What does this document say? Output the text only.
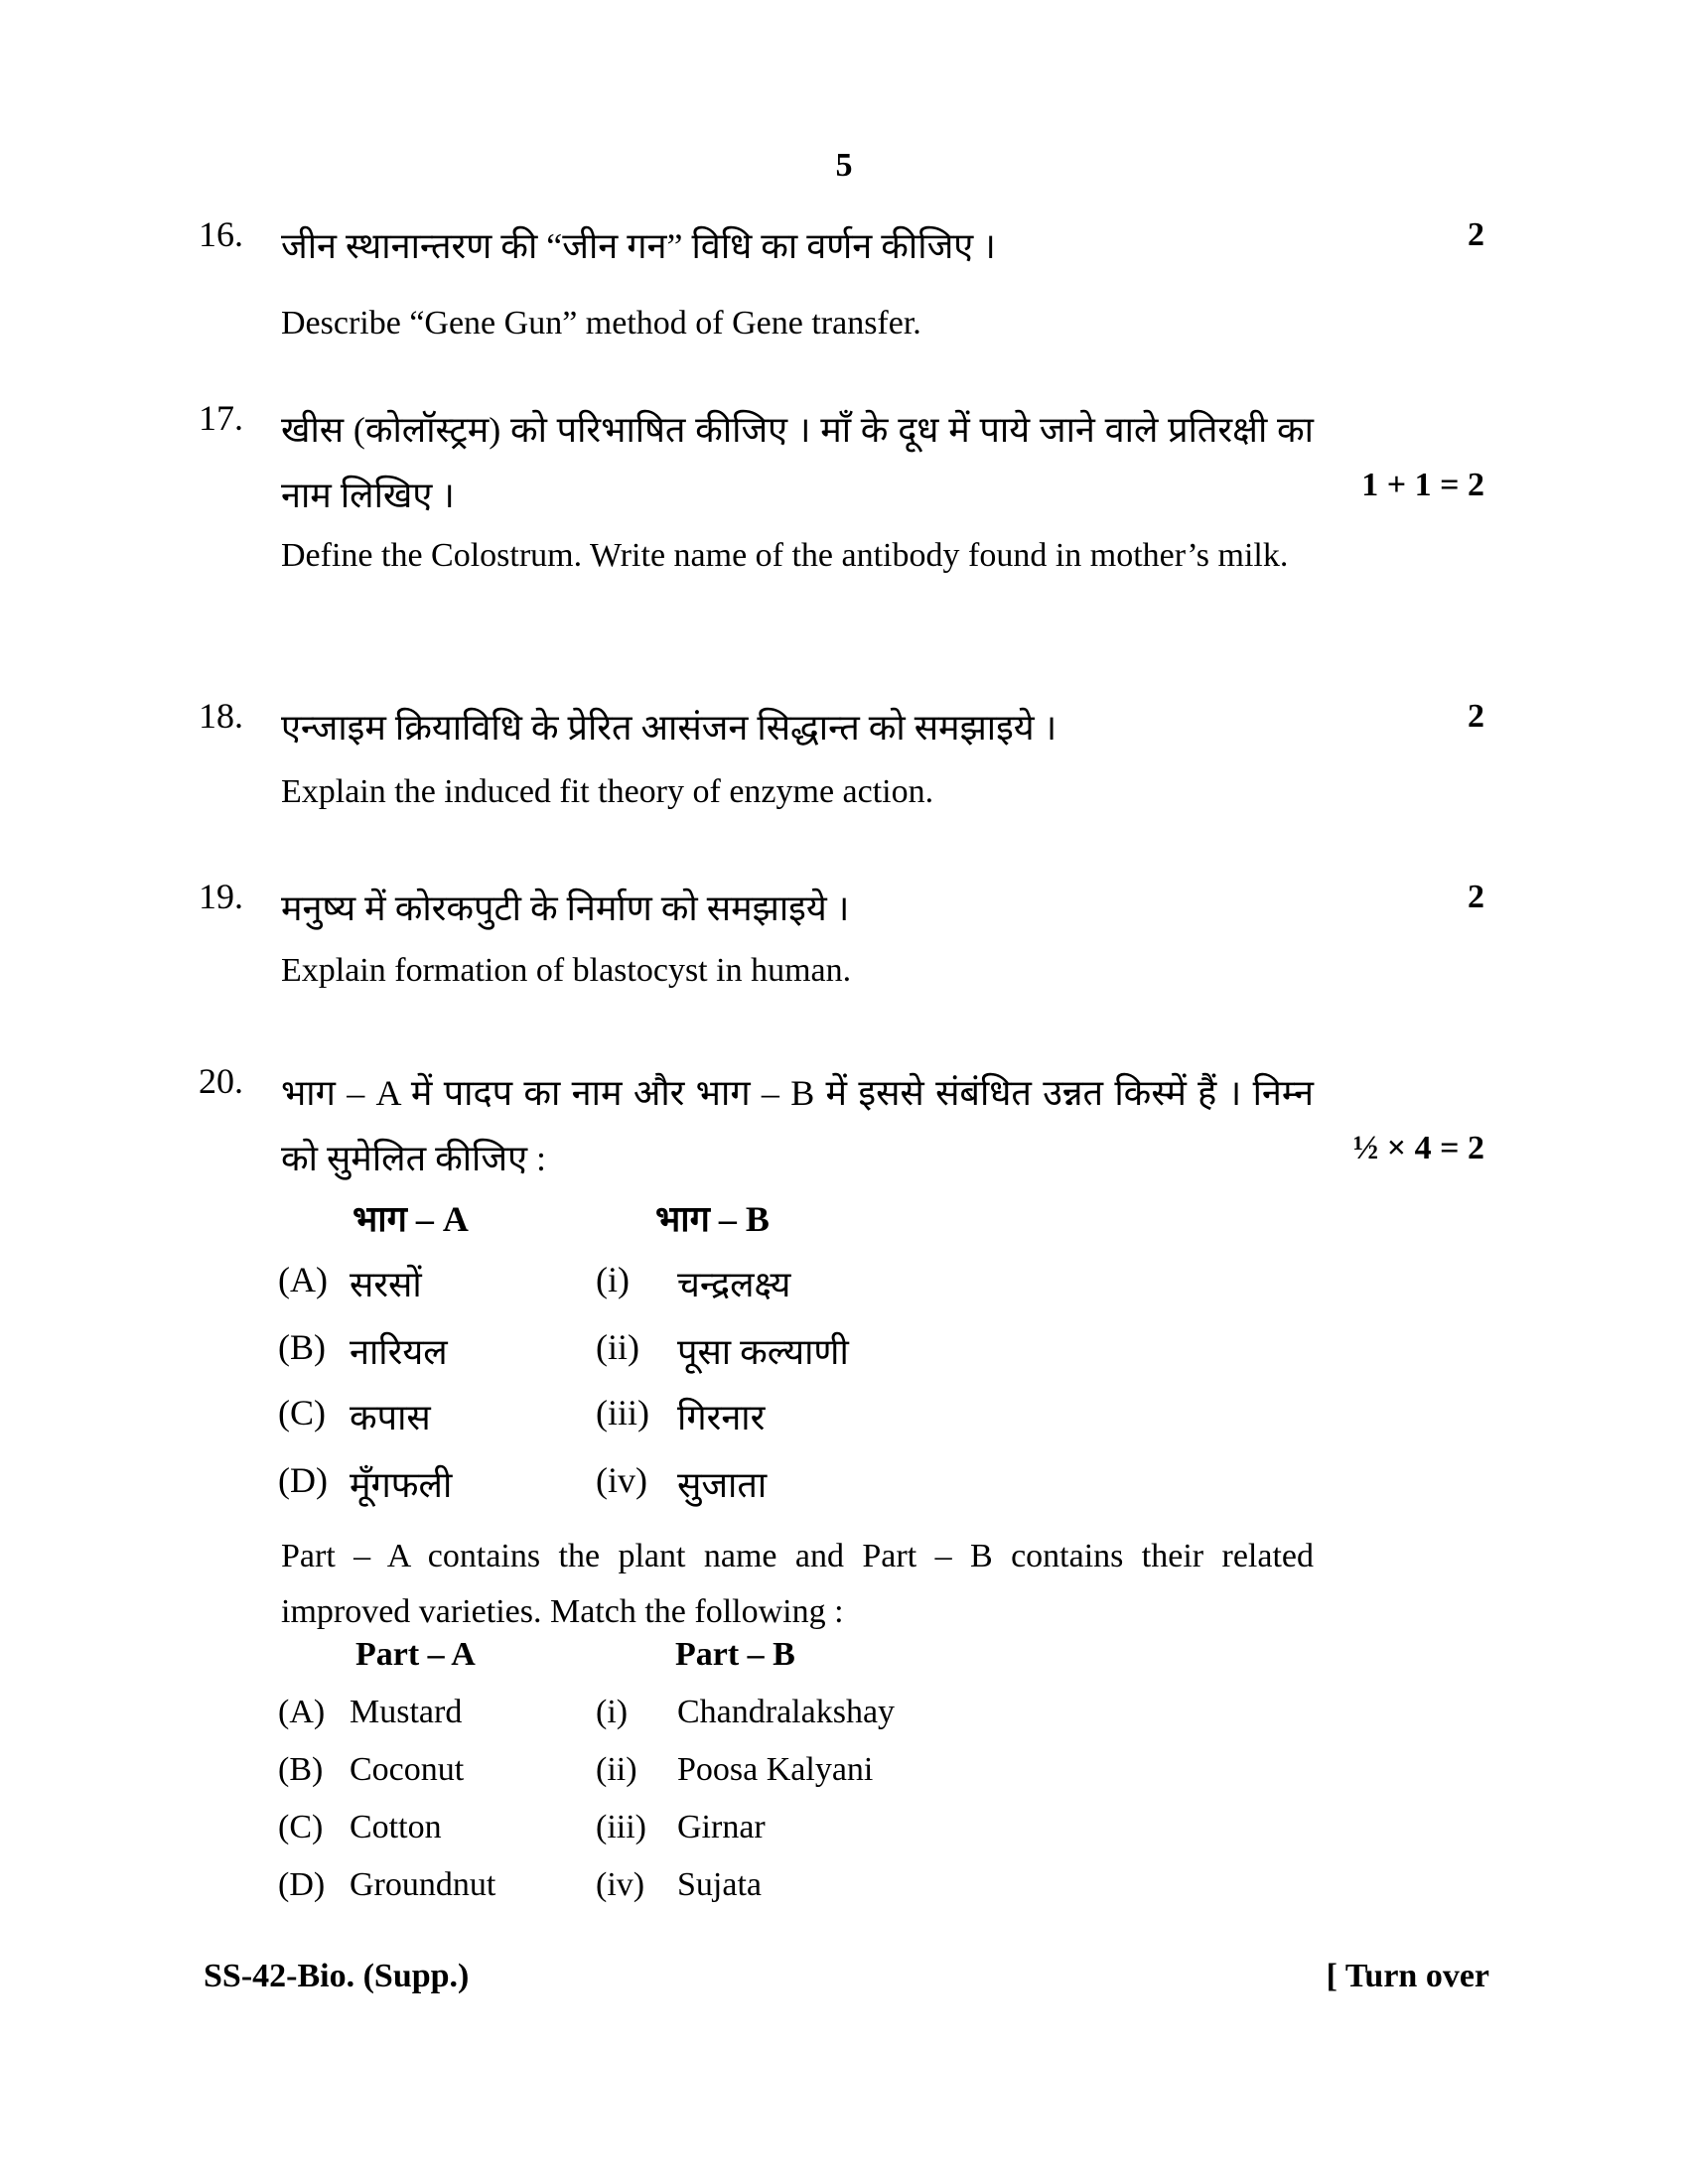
5
16. जीन स्थानान्तरण की “जीन गन” विधि का वर्णन कीजिए ।	2
Describe “Gene Gun” method of Gene transfer.
17. खीस (कोलॉस्ट्रम) को परिभाषित कीजिए । माँ के दूध में पाये जाने वाले प्रतिरक्षी का नाम लिखिए ।	1 + 1 = 2
Define the Colostrum. Write name of the antibody found in mother’s milk.
18. एन्जाइम क्रियाविधि के प्रेरित आसंजन सिद्धान्त को समझाइये ।	2
Explain the induced fit theory of enzyme action.
19. मनुष्य में कोरकपुटी के निर्माण को समझाइये ।	2
Explain formation of blastocyst in human.
20. भाग – A में पादप का नाम और भाग – B में इससे संबंधित उन्नत किस्में हैं । निम्न को सुमेलित कीजिए :	½ × 4 = 2
भाग – A	भाग – B
(A) सरसों	(i)	चन्द्रलक्ष्य
(B) नारियल	(ii)	पूसा कल्याणी
(C) कपास	(iii) गिरनार
(D) मूँगफली	(iv) सुजाता
Part – A contains the plant name and Part – B contains their related improved varieties. Match the following :
Part – A	Part – B
(A) Mustard	(i)	Chandralakshay
(B) Coconut	(ii)	Poosa Kalyani
(C) Cotton	(iii) Girnar
(D) Groundnut	(iv) Sujata
SS-42-Bio. (Supp.)	[ Turn over
